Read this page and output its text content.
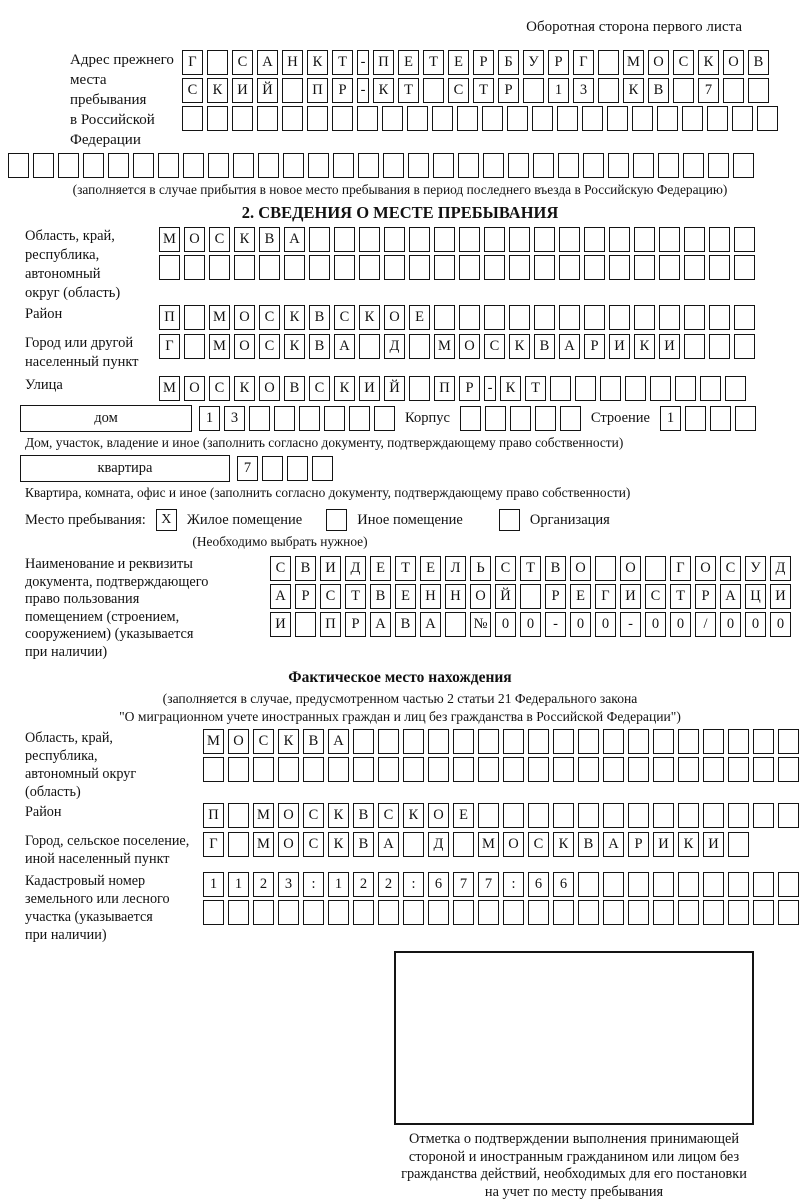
Оборотная сторона первого листа
Адрес прежнего
места пребывания
в Российской
Федерации
Г	С	А	Н	К	Т - П	Е	Т	Е	Р	Б	У	Р	Г	М О	С	К	О	В
С	К	И	Й	П	Р - К	Т	С	Т	Р	1	3	К	В	7
(заполняется в случае прибытия в новое место пребывания в период последнего въезда в Российскую Федерацию)
2. СВЕДЕНИЯ О МЕСТЕ ПРЕБЫВАНИЯ
Область, край,
республика,
автономный
округ (область)
М О	С	К	В	А
Район	П	М О	С	К	В	С	К	О	Е
Город или другой
населенный пункт
Г	М О	С	К	В	А	Д	М О	С	К	В	А	Р	И	К	И
Улица	М О	С	К	О	В	С	К	И	Й	П	Р - К	Т
дом	1	3	Корпус	Строение	1
Дом, участок, владение и иное (заполнить согласно документу, подтверждающему право собственности)
квартира	7
Квартира, комната, офис и иное (заполнить согласно документу, подтверждающему право собственности)
Место пребывания:	X	Жилое помещение	Иное помещение	Организация
(Необходимо выбрать нужное)
Наименование и реквизиты
документа, подтверждающего
право пользования
помещением (строением,
сооружением) (указывается
при наличии)
С	В	И	Д	Е	Т	Е	Л	Ь	С	Т	В	О	О	Г	О	С	У	Д
А	Р	С	Т	В	Е	Н	Н	О	Й	Р	Е	Г	И	С	Т	Р	А	Ц	И
И	П	Р	А	В	А	№ 0	0	-	0	0	-	0	0	/	0	0	0
Фактическое место нахождения
(заполняется в случае, предусмотренном частью 2 статьи 21 Федерального закона
"О миграционном учете иностранных граждан и лиц без гражданства в Российской Федерации")
Область, край,
республика,
автономный округ
(область)
М О	С	К	В	А
Район	П	М О	С	К	В	С	К	О	Е
Город, сельское поселение,
иной населенный пункт
Г	М О	С	К	В	А	Д	М О	С	К	В	А	Р	И	К	И
Кадастровый номер
земельного или лесного
участка (указывается
при наличии)
1	1	2	3	:	1	2	2	:	6	7	7	:	6	6
Отметка о подтверждении выполнения принимающей
стороной и иностранным гражданином или лицом без
гражданства действий, необходимых для его постановки
на учет по месту пребывания
